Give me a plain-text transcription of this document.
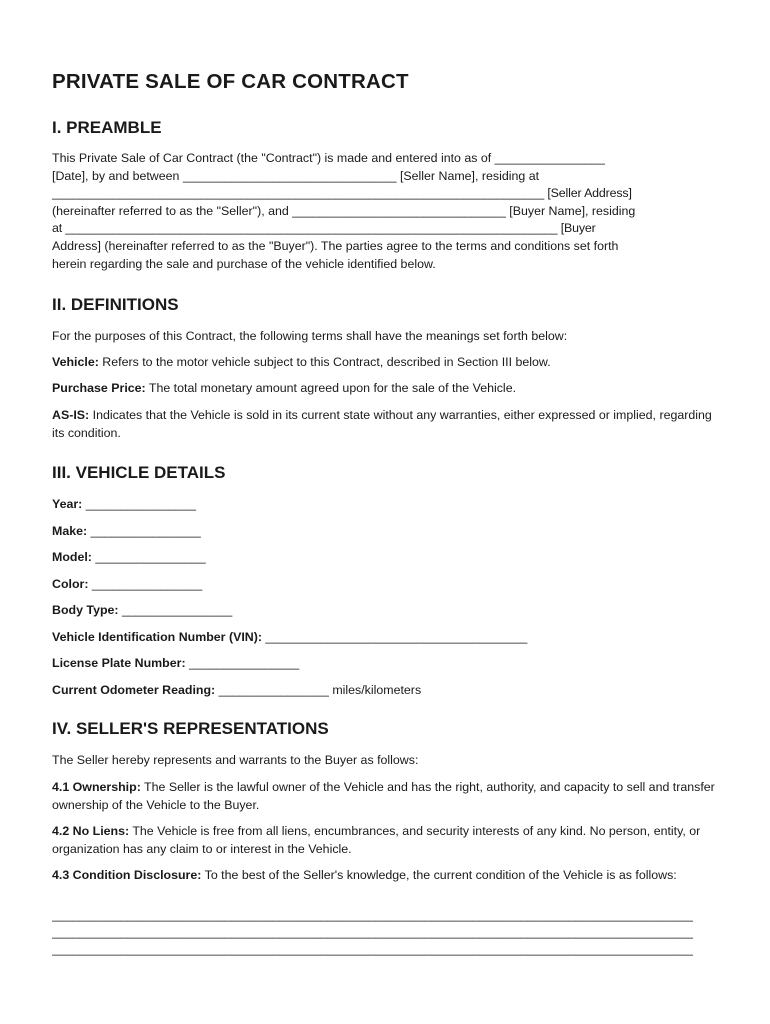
PRIVATE SALE OF CAR CONTRACT
I. PREAMBLE
This Private Sale of Car Contract (the "Contract") is made and entered into as of ________________
[Date], by and between _______________________________ [Seller Name], residing at
_________________________________________________________________________ [Seller Address]
(hereinafter referred to as the "Seller"), and _______________________________ [Buyer Name], residing
at _________________________________________________________________________ [Buyer
Address] (hereinafter referred to as the "Buyer"). The parties agree to the terms and conditions set forth
herein regarding the sale and purchase of the vehicle identified below.
II. DEFINITIONS

For the purposes of this Contract, the following terms shall have the meanings set forth below:

Vehicle: Refers to the motor vehicle subject to this Contract, described in Section III below.

Purchase Price: The total monetary amount agreed upon for the sale of the Vehicle.

AS-IS: Indicates that the Vehicle is sold in its current state without any warranties, either expressed or implied, regarding its condition.

III. VEHICLE DETAILS

Year: ________________

Make: ________________

Model: ________________

Color: ________________

Body Type: ________________

Vehicle Identification Number (VIN): ______________________________________

License Plate Number: ________________

Current Odometer Reading: ________________ miles/kilometers

IV. SELLER'S REPRESENTATIONS

The Seller hereby represents and warrants to the Buyer as follows:

4.1 Ownership: The Seller is the lawful owner of the Vehicle and has the right, authority, and capacity to sell and transfer ownership of the Vehicle to the Buyer.

4.2 No Liens: The Vehicle is free from all liens, encumbrances, and security interests of any kind. No person, entity, or organization has any claim to or interest in the Vehicle.

4.3 Condition Disclosure: To the best of the Seller's knowledge, the current condition of the Vehicle is as follows:

_____________________________________________________________________________________________

_____________________________________________________________________________________________

_____________________________________________________________________________________________
